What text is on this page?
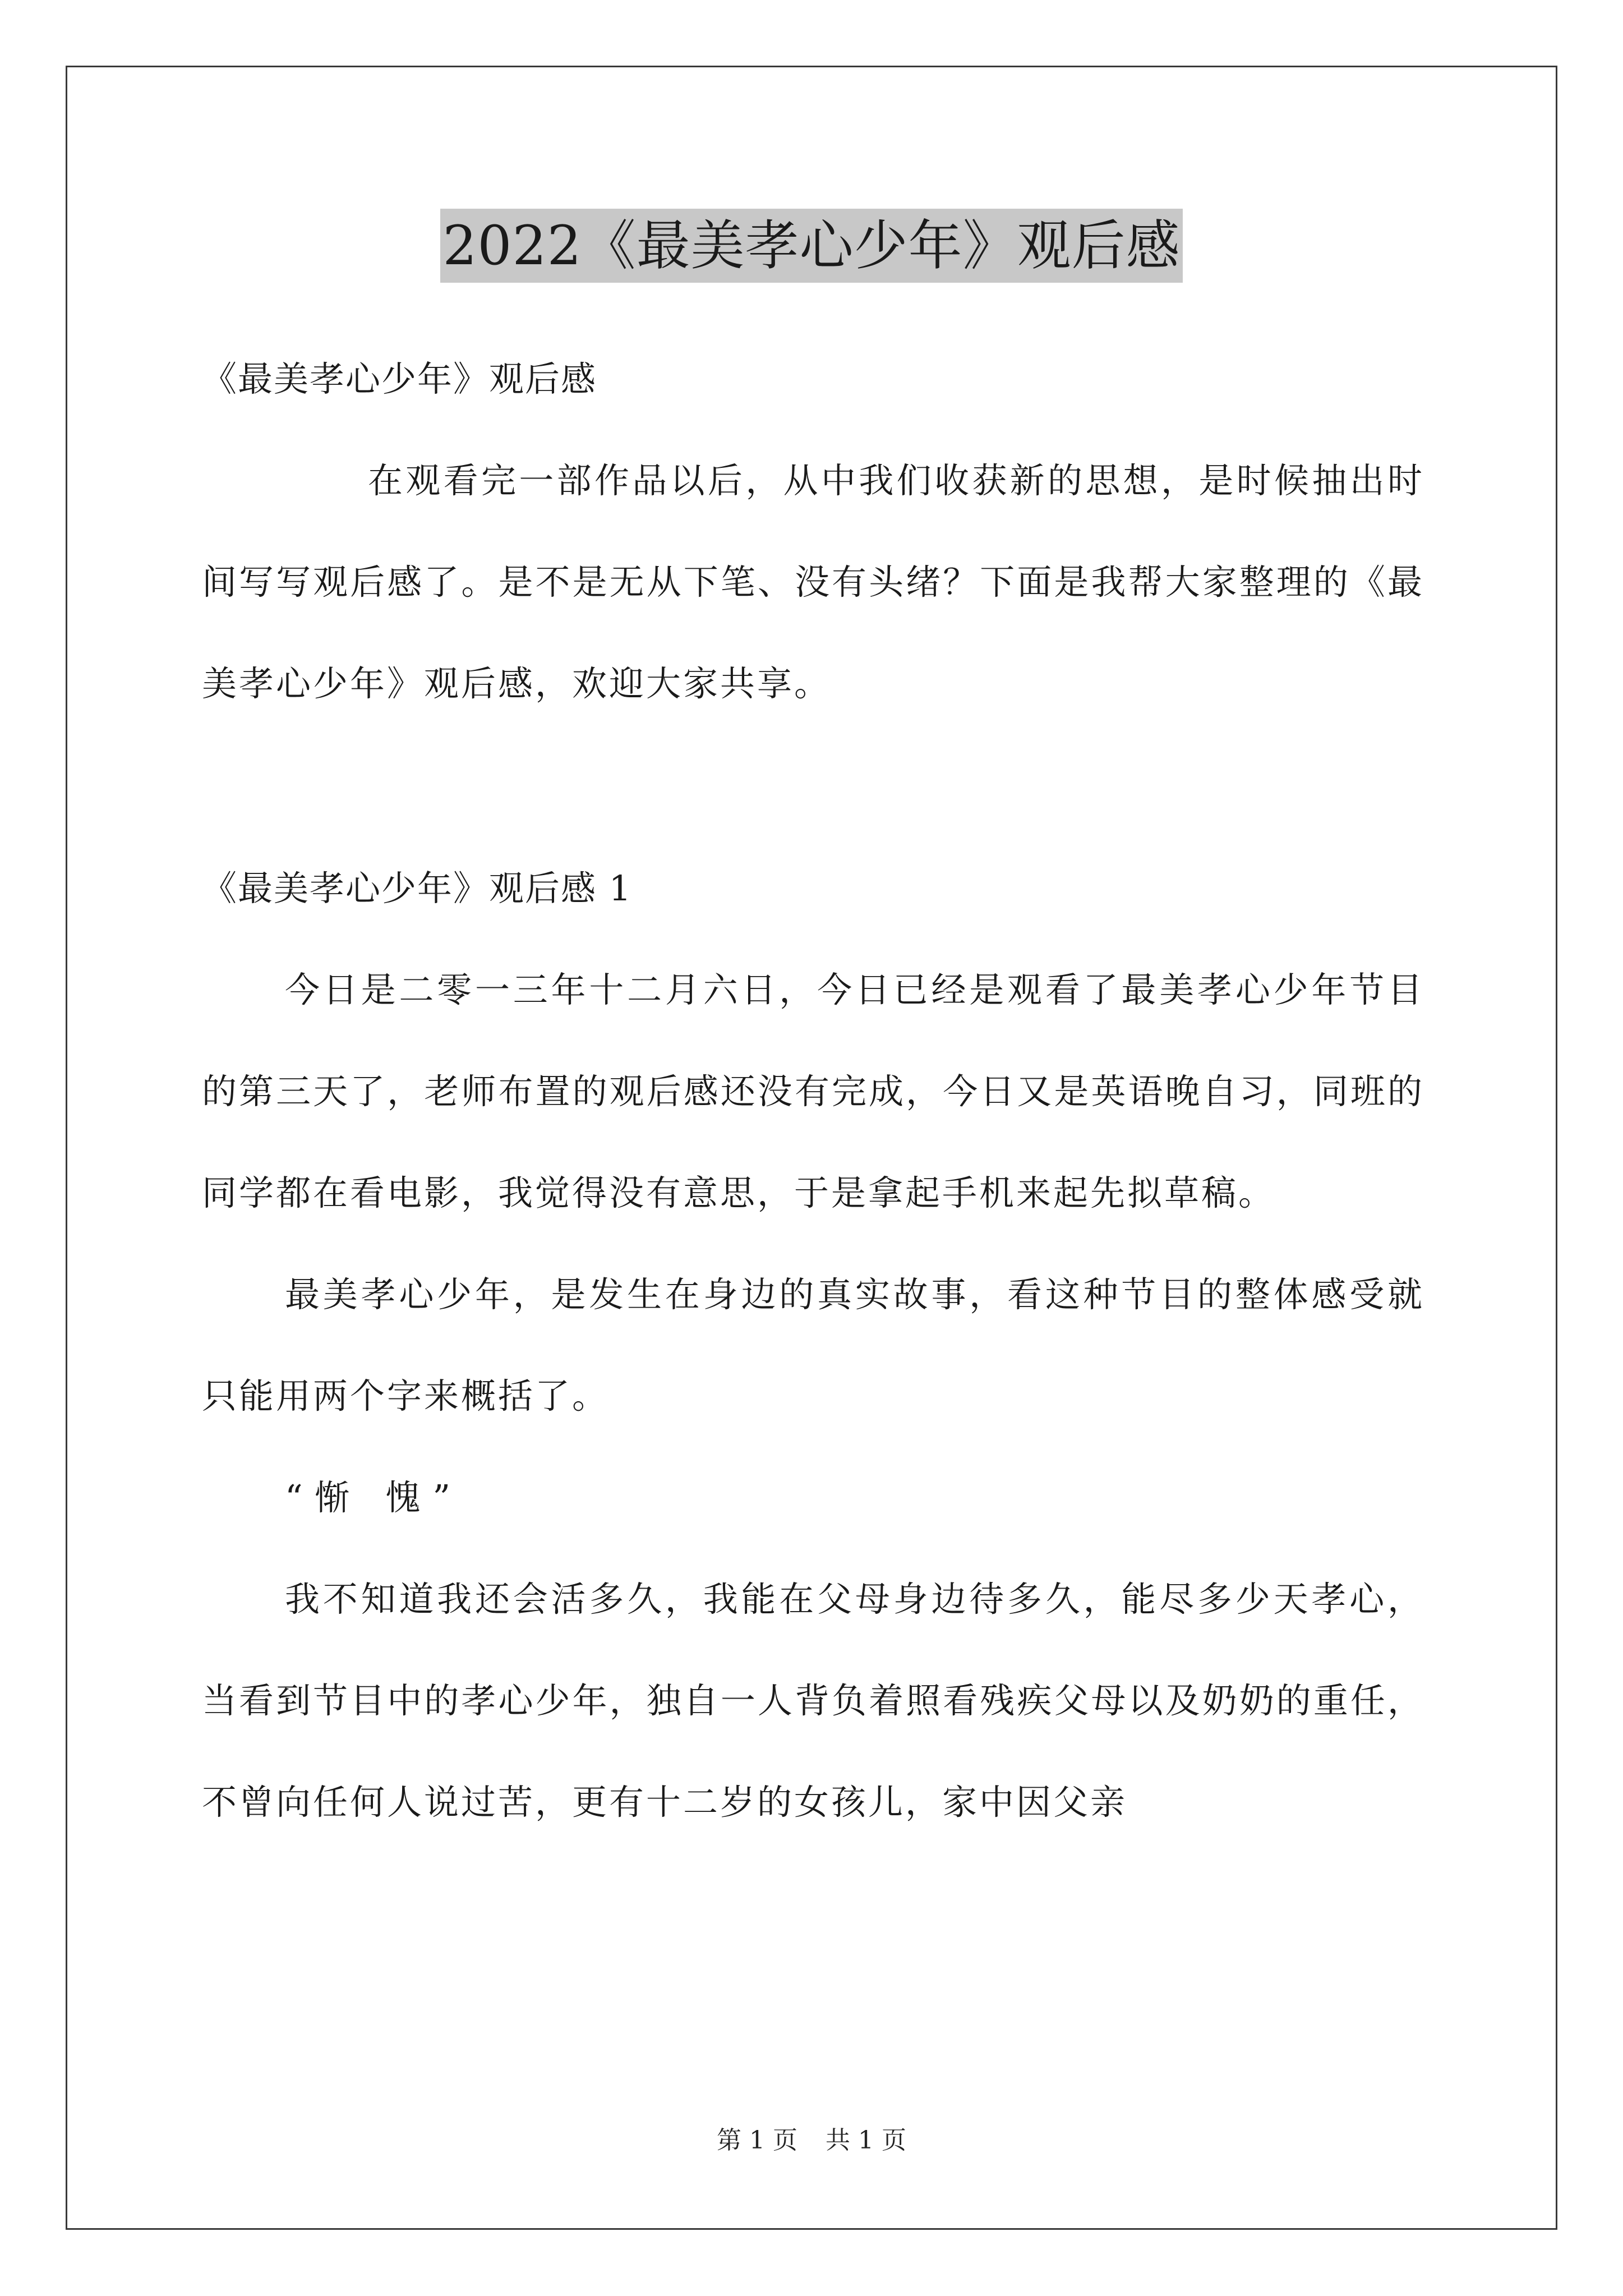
2022《最美孝心少年》观后感

《最美孝心少年》观后感

在观看完一部作品以后，从中我们收获新的思想，是时候抽出时间写写观后感了。是不是无从下笔、没有头绪？下面是我帮大家整理的《最美孝心少年》观后感，欢迎大家共享。

《最美孝心少年》观后感 1

今日是二零一三年十二月六日，今日已经是观看了最美孝心少年节目的第三天了，老师布置的观后感还没有完成，今日又是英语晚自习，同班的同学都在看电影，我觉得没有意思，于是拿起手机来起先拟草稿。

最美孝心少年，是发生在身边的真实故事，看这种节目的整体感受就只能用两个字来概括了。

“惭 愧”

我不知道我还会活多久，我能在父母身边待多久，能尽多少天孝心，当看到节目中的孝心少年，独自一人背负着照看残疾父母以及奶奶的重任，不曾向任何人说过苦，更有十二岁的女孩儿，家中因父亲

第 1 页 共 1 页
